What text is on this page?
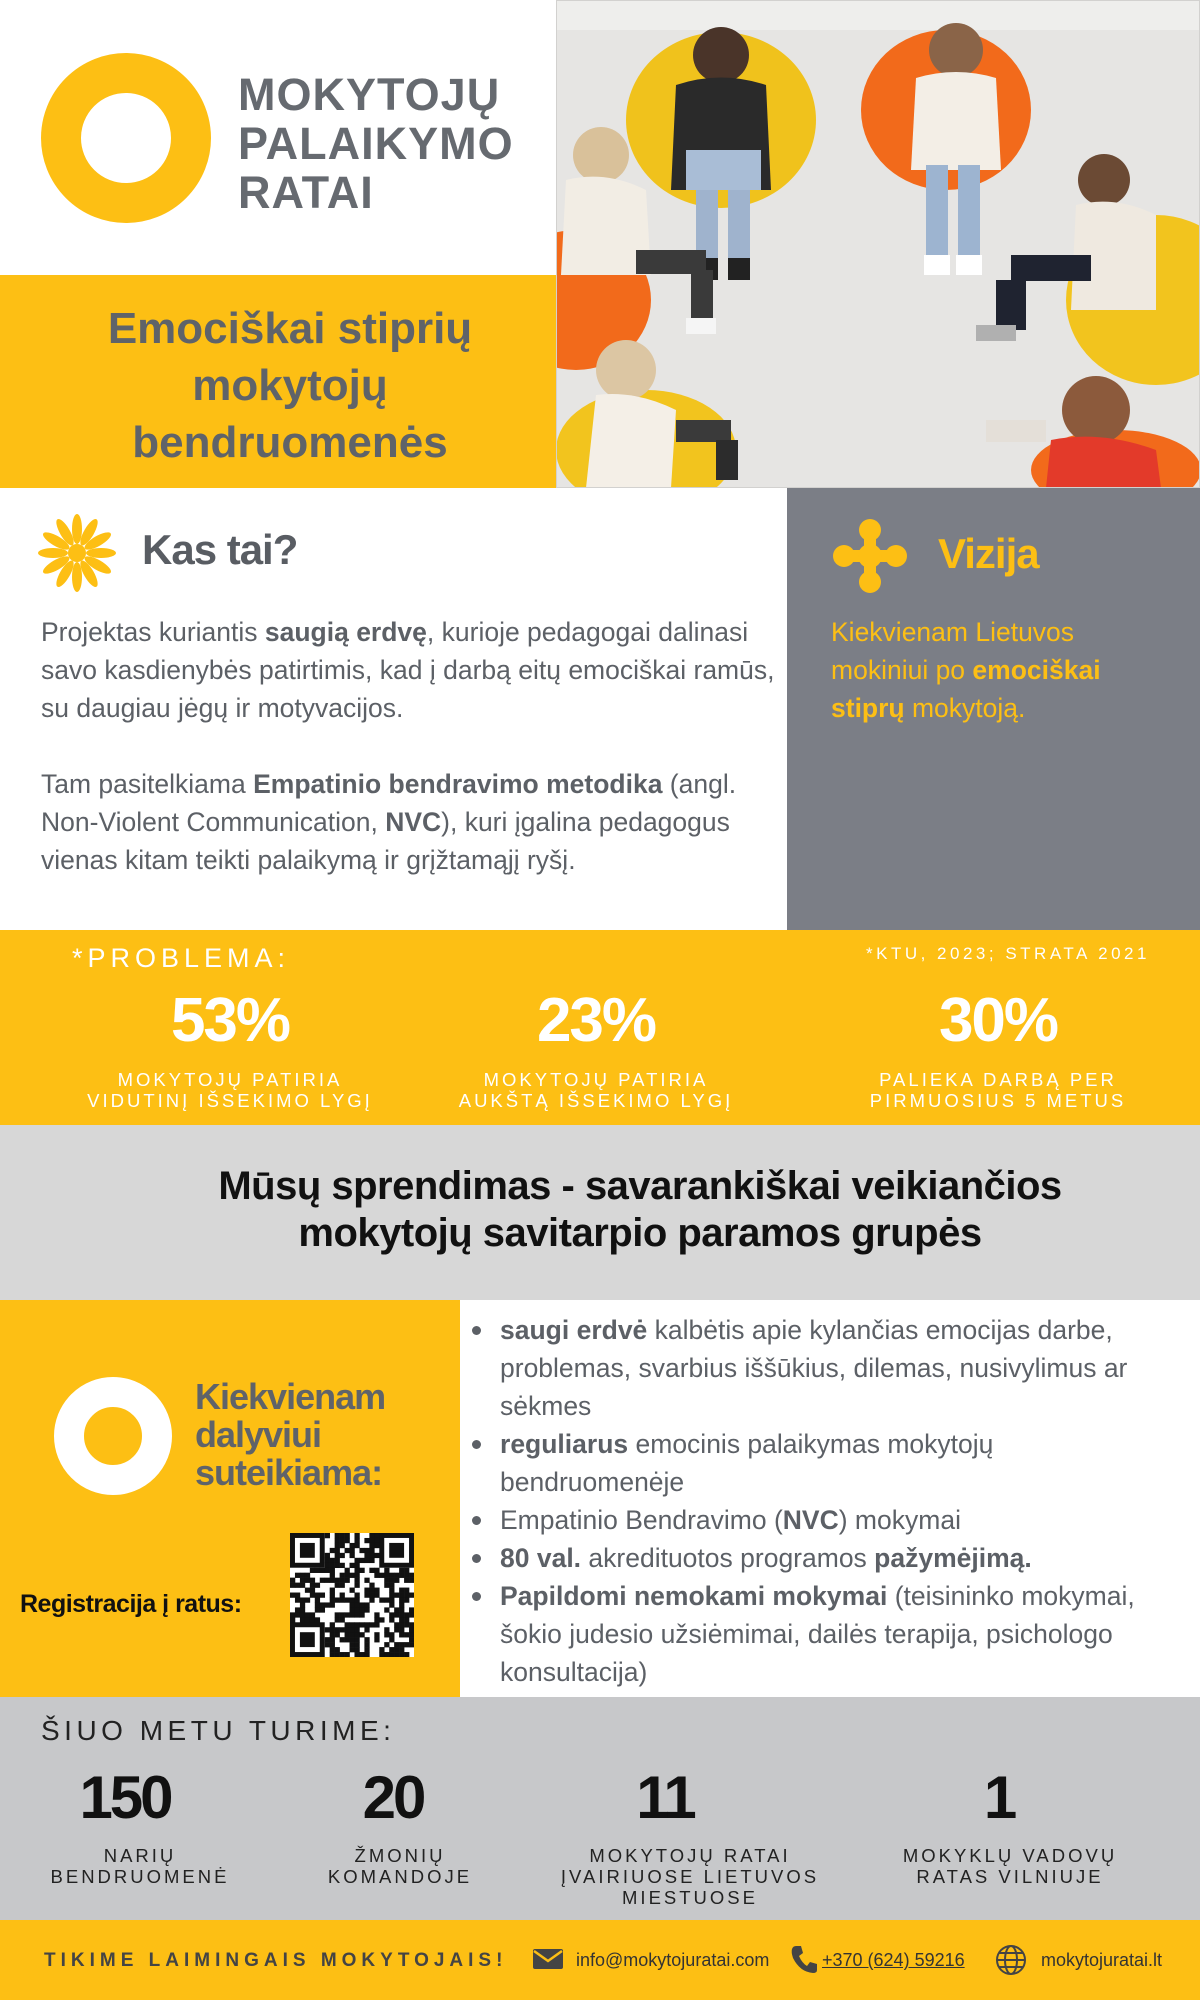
MOKYTOJŲ
PALAIKYMO
RATAI
Emociškai stiprių
mokytojų
bendruomenės
Kas tai?
Projektas kuriantis saugią erdvę, kurioje pedagogai dalinasi savo kasdienybės patirtimis, kad į darbą eitų emociškai ramūs, su daugiau jėgų ir motyvacijos.
Tam pasitelkiama Empatinio bendravimo metodika (angl. Non-Violent Communication, NVC), kuri įgalina pedagogus vienas kitam teikti palaikymą ir grįžtamąjį ryšį.
Vizija
Kiekvienam Lietuvos mokiniui po emociškai stiprų mokytoją.
*PROBLEMA:	*KTU, 2023; STRATA 2021
53%
MOKYTOJŲ PATIRIA
VIDUTINĮ IŠSEKIMO LYGĮ
23%
MOKYTOJŲ PATIRIA
AUKŠTĄ IŠSEKIMO LYGĮ
30%
PALIEKA DARBĄ PER
PIRMUOSIUS 5 METUS
Mūsų sprendimas - savarankiškai veikiančios
mokytojų savitarpio paramos grupės
Kiekvienam
dalyviui
suteikiama:
Registracija į ratus:
saugi erdvė kalbėtis apie kylančias emocijas darbe, problemas, svarbius iššūkius, dilemas, nusivylimus ar sėkmes
reguliarus emocinis palaikymas mokytojų bendruomenėje
Empatinio Bendravimo (NVC) mokymai
80 val. akredituotos programos pažymėjimą.
Papildomi nemokami mokymai (teisininko mokymai, šokio judesio užsiėmimai, dailės terapija, psichologo konsultacija)
ŠIUO METU TURIME:
150
NARIŲ
BENDRUOMENĖ
20
ŽMONIŲ
KOMANDOJE
11
MOKYTOJŲ RATAI
ĮVAIRIUOSE LIETUVOS
MIESTUOSE
1
MOKYKLŲ VADOVŲ
RATAS VILNIUJE
TIKIME LAIMINGAIS MOKYTOJAIS!	info@mokytojuratai.com	+370 (624) 59216	mokytojuratai.lt
